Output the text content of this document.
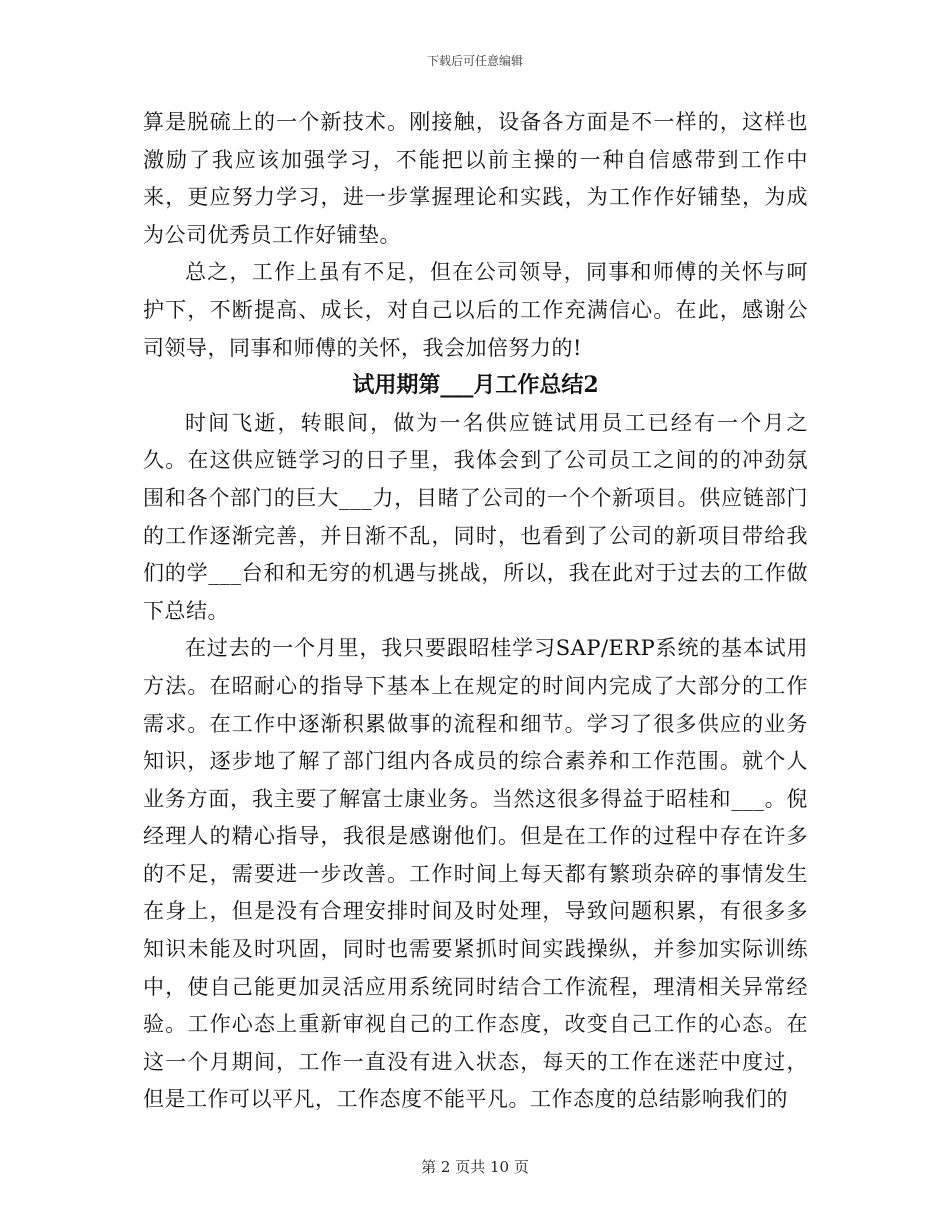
下载后可任意编辑

算是脱硫上的一个新技术。刚接触，设备各方面是不一样的，这样也激励了我应该加强学习，不能把以前主操的一种自信感带到工作中来，更应努力学习，进一步掌握理论和实践，为工作作好铺垫，为成为公司优秀员工作好铺垫。

总之，工作上虽有不足，但在公司领导，同事和师傅的关怀与呵护下，不断提高、成长，对自己以后的工作充满信心。在此，感谢公司领导，同事和师傅的关怀，我会加倍努力的!

试用期第___月工作总结2

时间飞逝，转眼间，做为一名供应链试用员工已经有一个月之久。在这供应链学习的日子里，我体会到了公司员工之间的的冲劲氛围和各个部门的巨大___力，目睹了公司的一个个新项目。供应链部门的工作逐渐完善，并日渐不乱，同时，也看到了公司的新项目带给我们的学___台和和无穷的机遇与挑战，所以，我在此对于过去的工作做下总结。

在过去的一个月里，我只要跟昭桂学习SAP/ERP系统的基本试用方法。在昭耐心的指导下基本上在规定的时间内完成了大部分的工作需求。在工作中逐渐积累做事的流程和细节。学习了很多供应的业务知识，逐步地了解了部门组内各成员的综合素养和工作范围。就个人业务方面，我主要了解富士康业务。当然这很多得益于昭桂和___。倪经理人的精心指导，我很是感谢他们。但是在工作的过程中存在许多的不足，需要进一步改善。工作时间上每天都有繁琐杂碎的事情发生在身上，但是没有合理安排时间及时处理，导致问题积累，有很多多知识未能及时巩固，同时也需要紧抓时间实践操纵，并参加实际训练中，使自己能更加灵活应用系统同时结合工作流程，理清相关异常经验。工作心态上重新审视自己的工作态度，改变自己工作的心态。在这一个月期间，工作一直没有进入状态，每天的工作在迷茫中度过，但是工作可以平凡，工作态度不能平凡。工作态度的总结影响我们的

第 2 页共 10 页
